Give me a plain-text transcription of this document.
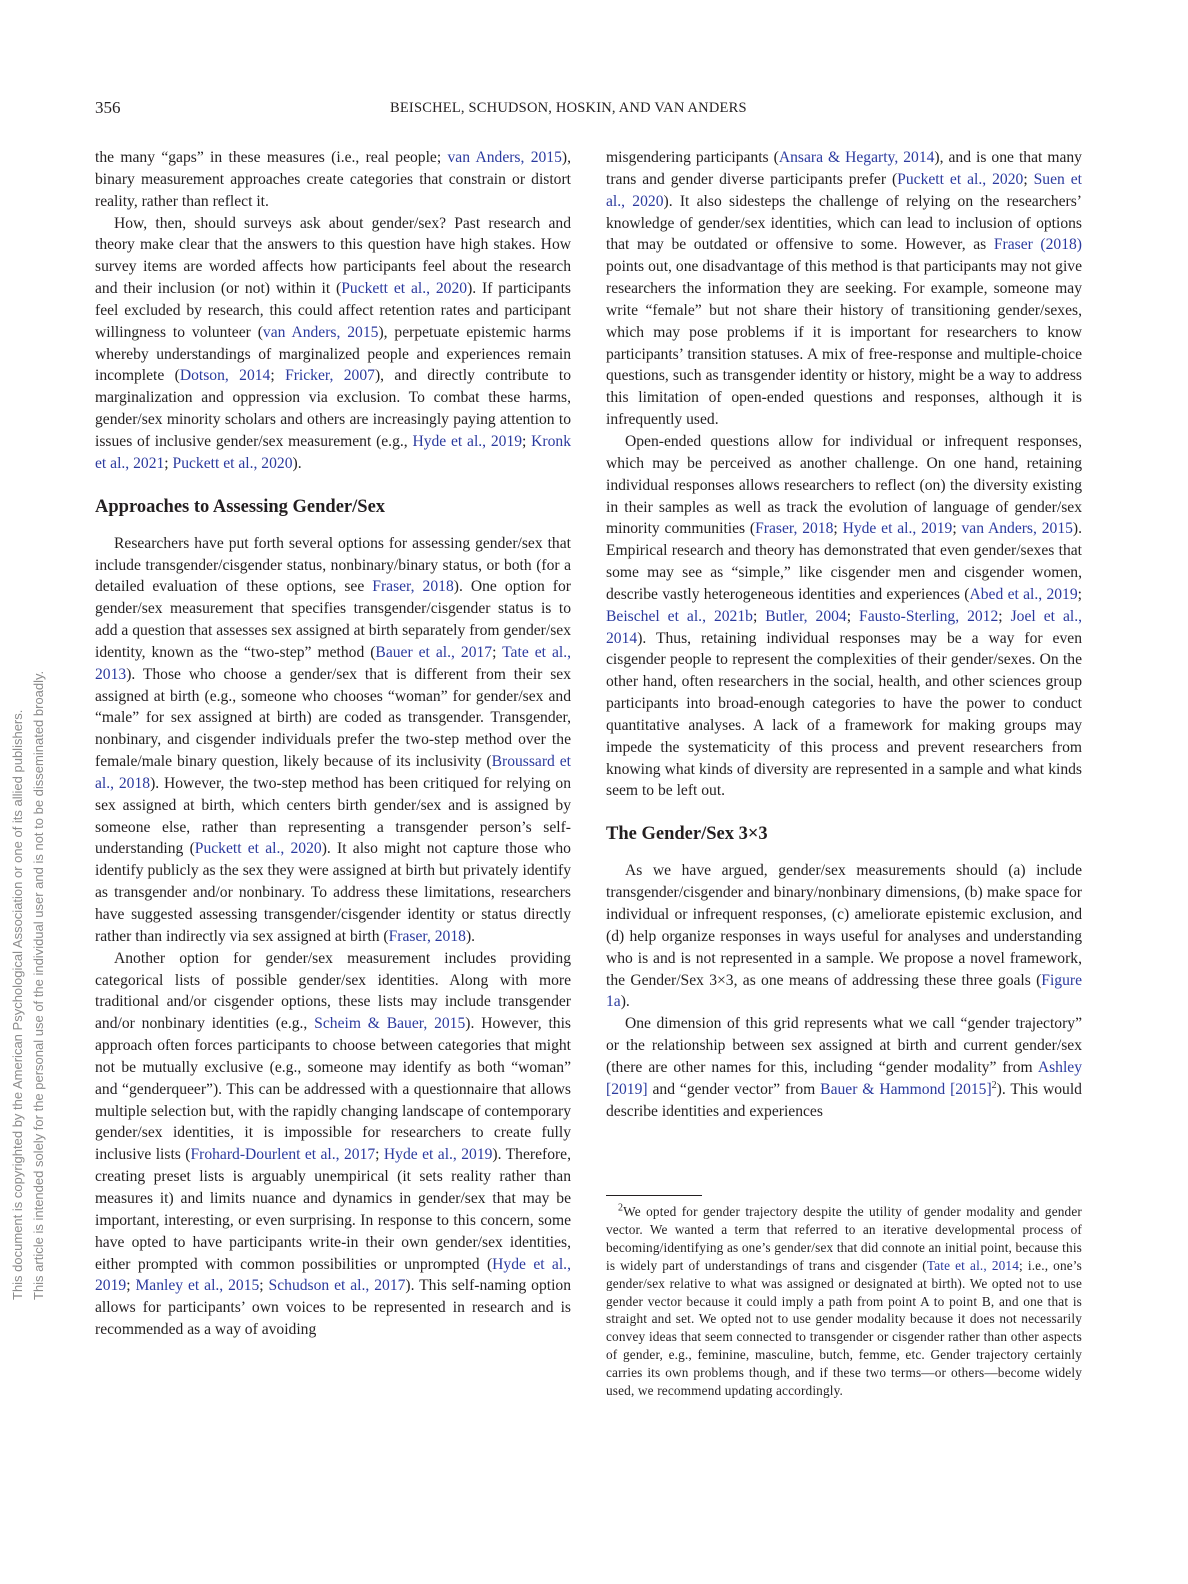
356	BEISCHEL, SCHUDSON, HOSKIN, AND VAN ANDERS
This document is copyrighted by the American Psychological Association or one of its allied publishers. This article is intended solely for the personal use of the individual user and is not to be disseminated broadly.

the many “gaps” in these measures (i.e., real people; van Anders, 2015), binary measurement approaches create categories that constrain or distort reality, rather than reflect it.

How, then, should surveys ask about gender/sex? Past research and theory make clear that the answers to this question have high stakes. How survey items are worded affects how participants feel about the research and their inclusion (or not) within it (Puckett et al., 2020). If participants feel excluded by research, this could affect retention rates and participant willingness to volunteer (van Anders, 2015), perpetuate epistemic harms whereby understandings of marginalized people and experiences remain incomplete (Dotson, 2014; Fricker, 2007), and directly contribute to marginalization and oppression via exclusion. To combat these harms, gender/sex minority scholars and others are increasingly paying attention to issues of inclusive gender/sex measurement (e.g., Hyde et al., 2019; Kronk et al., 2021; Puckett et al., 2020).

Approaches to Assessing Gender/Sex

Researchers have put forth several options for assessing gender/sex that include transgender/cisgender status, nonbinary/binary status, or both (for a detailed evaluation of these options, see Fraser, 2018). One option for gender/sex measurement that specifies transgender/cisgender status is to add a question that assesses sex assigned at birth separately from gender/sex identity, known as the “two-step” method (Bauer et al., 2017; Tate et al., 2013). Those who choose a gender/sex that is different from their sex assigned at birth (e.g., someone who chooses “woman” for gender/sex and “male” for sex assigned at birth) are coded as transgender. Transgender, nonbinary, and cisgender individuals prefer the two-step method over the female/male binary question, likely because of its inclusivity (Broussard et al., 2018). However, the two-step method has been critiqued for relying on sex assigned at birth, which centers birth gender/sex and is assigned by someone else, rather than representing a transgender person’s self-understanding (Puckett et al., 2020). It also might not capture those who identify publicly as the sex they were assigned at birth but privately identify as transgender and/or nonbinary. To address these limitations, researchers have suggested assessing transgender/cisgender identity or status directly rather than indirectly via sex assigned at birth (Fraser, 2018).

Another option for gender/sex measurement includes providing categorical lists of possible gender/sex identities. Along with more traditional and/or cisgender options, these lists may include transgender and/or nonbinary identities (e.g., Scheim & Bauer, 2015). However, this approach often forces participants to choose between categories that might not be mutually exclusive (e.g., someone may identify as both “woman” and “genderqueer”). This can be addressed with a questionnaire that allows multiple selection but, with the rapidly changing landscape of contemporary gender/sex identities, it is impossible for researchers to create fully inclusive lists (Frohard-Dourlent et al., 2017; Hyde et al., 2019). Therefore, creating preset lists is arguably unempirical (it sets reality rather than measures it) and limits nuance and dynamics in gender/sex that may be important, interesting, or even surprising. In response to this concern, some have opted to have participants write-in their own gender/sex identities, either prompted with common possibilities or unprompted (Hyde et al., 2019; Manley et al., 2015; Schudson et al., 2017). This self-naming option allows for participants’ own voices to be represented in research and is recommended as a way of avoiding

misgendering participants (Ansara & Hegarty, 2014), and is one that many trans and gender diverse participants prefer (Puckett et al., 2020; Suen et al., 2020). It also sidesteps the challenge of relying on the researchers’ knowledge of gender/sex identities, which can lead to inclusion of options that may be outdated or offensive to some. However, as Fraser (2018) points out, one disadvantage of this method is that participants may not give researchers the information they are seeking. For example, someone may write “female” but not share their history of transitioning gender/sexes, which may pose problems if it is important for researchers to know participants’ transition statuses. A mix of free-response and multiple-choice questions, such as transgender identity or history, might be a way to address this limitation of open-ended questions and responses, although it is infrequently used.

Open-ended questions allow for individual or infrequent responses, which may be perceived as another challenge. On one hand, retaining individual responses allows researchers to reflect (on) the diversity existing in their samples as well as track the evolution of language of gender/sex minority communities (Fraser, 2018; Hyde et al., 2019; van Anders, 2015). Empirical research and theory has demonstrated that even gender/sexes that some may see as “simple,” like cisgender men and cisgender women, describe vastly heterogeneous identities and experiences (Abed et al., 2019; Beischel et al., 2021b; Butler, 2004; Fausto-Sterling, 2012; Joel et al., 2014). Thus, retaining individual responses may be a way for even cisgender people to represent the complexities of their gender/sexes. On the other hand, often researchers in the social, health, and other sciences group participants into broad-enough categories to have the power to conduct quantitative analyses. A lack of a framework for making groups may impede the systematicity of this process and prevent researchers from knowing what kinds of diversity are represented in a sample and what kinds seem to be left out.

The Gender/Sex 3×3

As we have argued, gender/sex measurements should (a) include transgender/cisgender and binary/nonbinary dimensions, (b) make space for individual or infrequent responses, (c) ameliorate epistemic exclusion, and (d) help organize responses in ways useful for analyses and understanding who is and is not represented in a sample. We propose a novel framework, the Gender/Sex 3×3, as one means of addressing these three goals (Figure 1a).

One dimension of this grid represents what we call “gender trajectory” or the relationship between sex assigned at birth and current gender/sex (there are other names for this, including “gender modality” from Ashley [2019] and “gender vector” from Bauer & Hammond $[2015]^2$). This would describe identities and experiences

$^2$We opted for gender trajectory despite the utility of gender modality and gender vector. We wanted a term that referred to an iterative developmental process of becoming/identifying as one’s gender/sex that did connote an initial point, because this is widely part of understandings of trans and cisgender (Tate et al., 2014; i.e., one’s gender/sex relative to what was assigned or designated at birth). We opted not to use gender vector because it could imply a path from point A to point B, and one that is straight and set. We opted not to use gender modality because it does not necessarily convey ideas that seem connected to transgender or cisgender rather than other aspects of gender, e.g., feminine, masculine, butch, femme, etc. Gender trajectory certainly carries its own problems though, and if these two terms—or others—become widely used, we recommend updating accordingly.
